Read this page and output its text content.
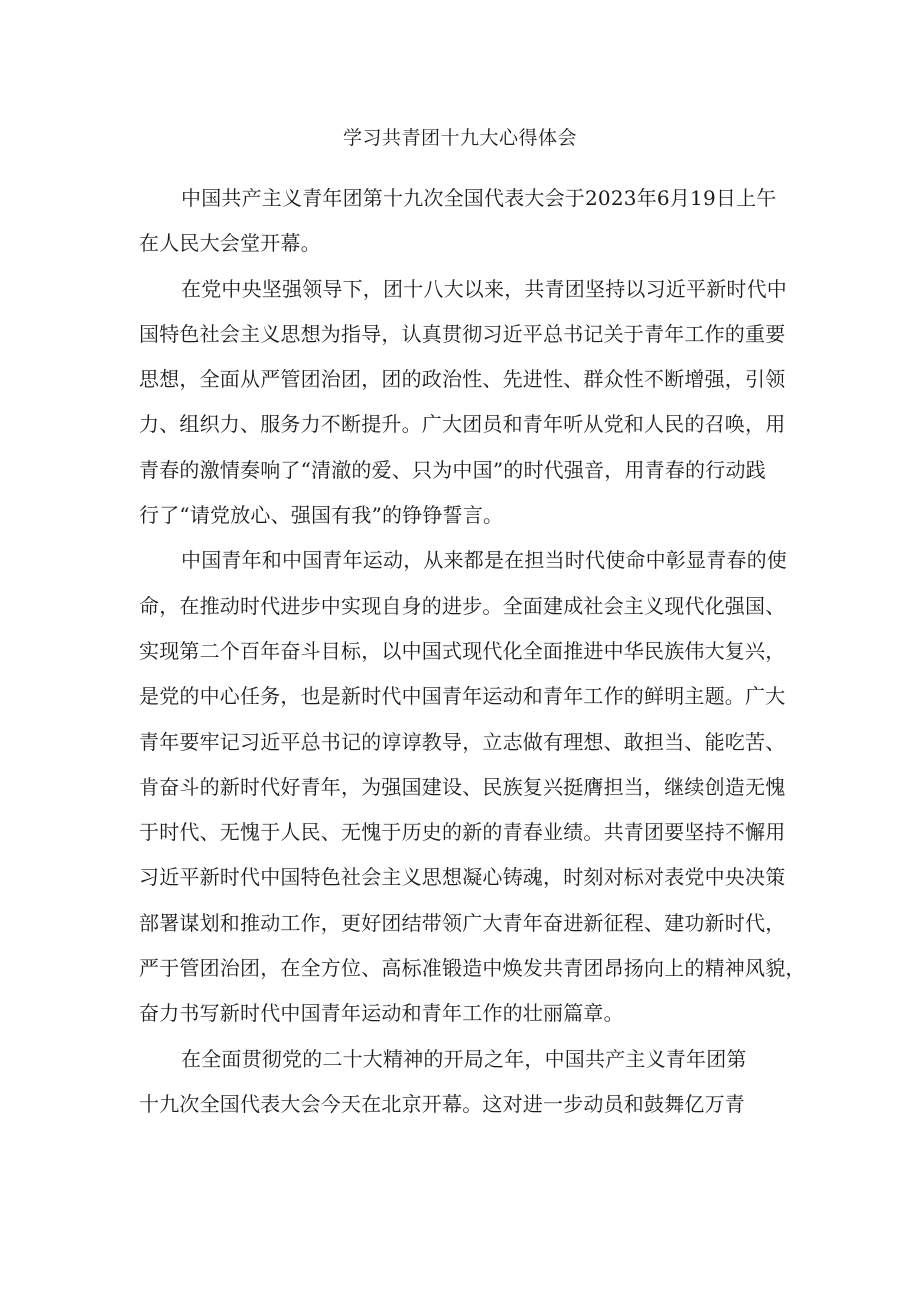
学习共青团十九大心得体会
中国共产主义青年团第十九次全国代表大会于2023年6月19日上午
在人民大会堂开幕。
在党中央坚强领导下，团十八大以来，共青团坚持以习近平新时代中
国特色社会主义思想为指导，认真贯彻习近平总书记关于青年工作的重要
思想，全面从严管团治团，团的政治性、先进性、群众性不断增强，引领
力、组织力、服务力不断提升。广大团员和青年听从党和人民的召唤，用
青春的激情奏响了“清澈的爱、只为中国”的时代强音，用青春的行动践
行了“请党放心、强国有我”的铮铮誓言。
中国青年和中国青年运动，从来都是在担当时代使命中彰显青春的使
命，在推动时代进步中实现自身的进步。全面建成社会主义现代化强国、
实现第二个百年奋斗目标，以中国式现代化全面推进中华民族伟大复兴，
是党的中心任务，也是新时代中国青年运动和青年工作的鲜明主题。广大
青年要牢记习近平总书记的谆谆教导，立志做有理想、敢担当、能吃苦、
肯奋斗的新时代好青年，为强国建设、民族复兴挺膺担当，继续创造无愧
于时代、无愧于人民、无愧于历史的新的青春业绩。共青团要坚持不懈用
习近平新时代中国特色社会主义思想凝心铸魂，时刻对标对表党中央决策
部署谋划和推动工作，更好团结带领广大青年奋进新征程、建功新时代，
严于管团治团，在全方位、高标准锻造中焕发共青团昂扬向上的精神风貌，
奋力书写新时代中国青年运动和青年工作的壮丽篇章。
在全面贯彻党的二十大精神的开局之年，中国共产主义青年团第
十九次全国代表大会今天在北京开幕。这对进一步动员和鼓舞亿万青
